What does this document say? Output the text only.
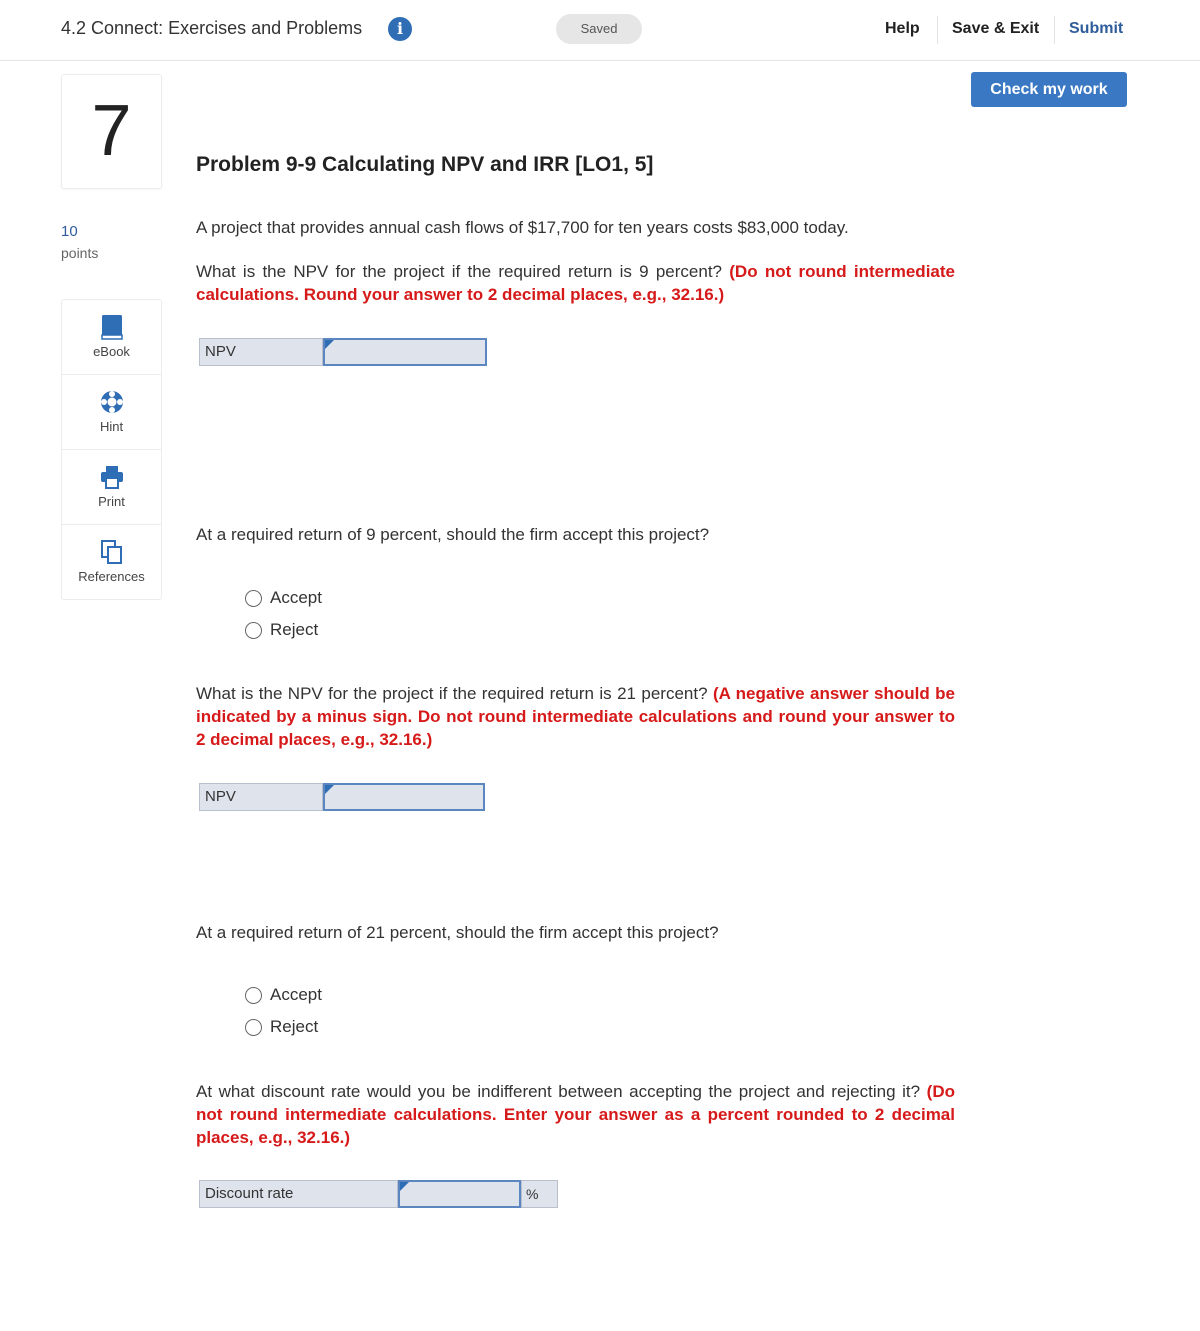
4.2 Connect: Exercises and Problems	i	Saved	Help Save & Exit Submit
Check my work
7
10
points
eBook
Hint
Print
References
Problem 9-9 Calculating NPV and IRR [LO1, 5]
A project that provides annual cash flows of $17,700 for ten years costs $83,000 today.
What is the NPV for the project if the required return is 9 percent? (Do not round intermediate calculations. Round your answer to 2 decimal places, e.g., 32.16.)
NPV
At a required return of 9 percent, should the firm accept this project?
Accept
Reject
What is the NPV for the project if the required return is 21 percent? (A negative answer should be indicated by a minus sign. Do not round intermediate calculations and round your answer to 2 decimal places, e.g., 32.16.)
NPV
At a required return of 21 percent, should the firm accept this project?
Accept
Reject
At what discount rate would you be indifferent between accepting the project and rejecting it? (Do not round intermediate calculations. Enter your answer as a percent rounded to 2 decimal places, e.g., 32.16.)
Discount rate	%
